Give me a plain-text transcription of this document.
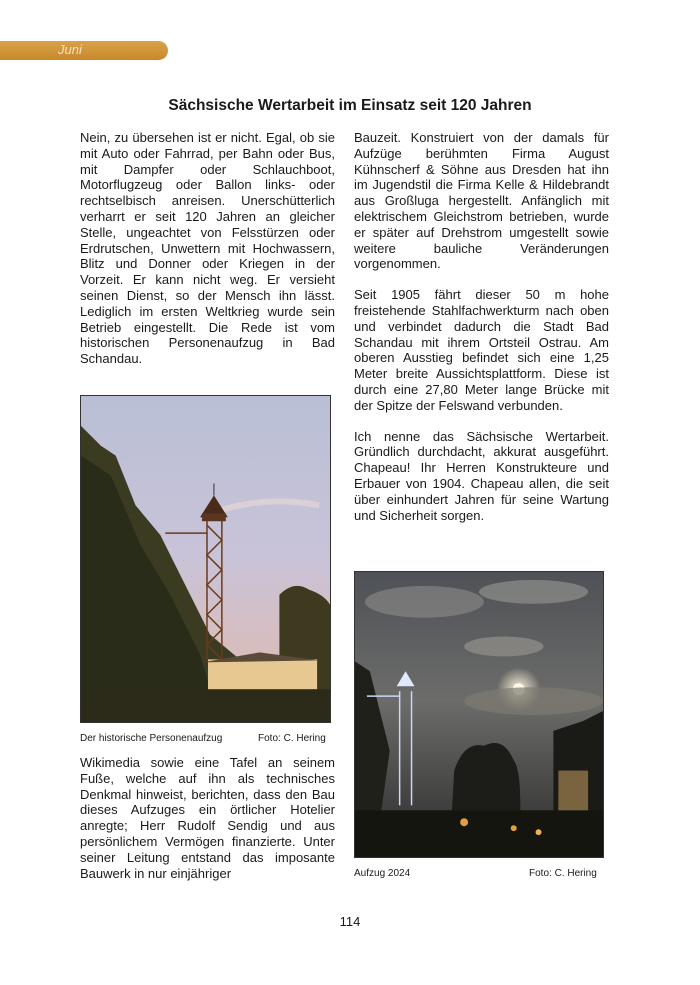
Juni
Sächsische Wertarbeit im Einsatz seit 120 Jahren

Nein, zu übersehen ist er nicht. Egal, ob sie mit Auto oder Fahrrad, per Bahn oder Bus, mit Dampfer oder Schlauchboot, Motorflugzeug oder Ballon links- oder rechtselbisch anreisen. Unerschütterlich verharrt er seit 120 Jahren an gleicher Stelle, ungeachtet von Felsstürzen oder Erdrutschen, Unwettern mit Hochwassern, Blitz und Donner oder Kriegen in der Vorzeit. Er kann nicht weg. Er versieht seinen Dienst, so der Mensch ihn lässt. Lediglich im ersten Weltkrieg wurde sein Betrieb eingestellt. Die Rede ist vom historischen Personenaufzug in Bad Schandau.

Der historische Personenaufzug	Foto: C. Hering

Wikimedia sowie eine Tafel an seinem Fuße, welche auf ihn als technisches Denkmal hinweist, berichten, dass den Bau dieses Aufzuges ein örtlicher Hotelier anregte; Herr Rudolf Sendig und aus persönlichem Vermögen finanzierte. Unter seiner Leitung entstand das imposante Bauwerk in nur einjähriger

Bauzeit. Konstruiert von der damals für Aufzüge berühmten Firma August Kühnscherf & Söhne aus Dresden hat ihn im Jugendstil die Firma Kelle & Hildebrandt aus Großluga hergestellt. Anfänglich mit elektrischem Gleichstrom betrieben, wurde er später auf Drehstrom umgestellt sowie weitere bauliche Veränderungen vorgenommen.

Seit 1905 fährt dieser 50 m hohe freistehende Stahlfachwerkturm nach oben und verbindet dadurch die Stadt Bad Schandau mit ihrem Ortsteil Ostrau. Am oberen Ausstieg befindet sich eine 1,25 Meter breite Aussichtsplattform. Diese ist durch eine 27,80 Meter lange Brücke mit der Spitze der Felswand verbunden.

Ich nenne das Sächsische Wertarbeit. Gründlich durchdacht, akkurat ausgeführt. Chapeau! Ihr Herren Konstrukteure und Erbauer von 1904. Chapeau allen, die seit über einhundert Jahren für seine Wartung und Sicherheit sorgen.

Aufzug 2024	Foto: C. Hering
114
